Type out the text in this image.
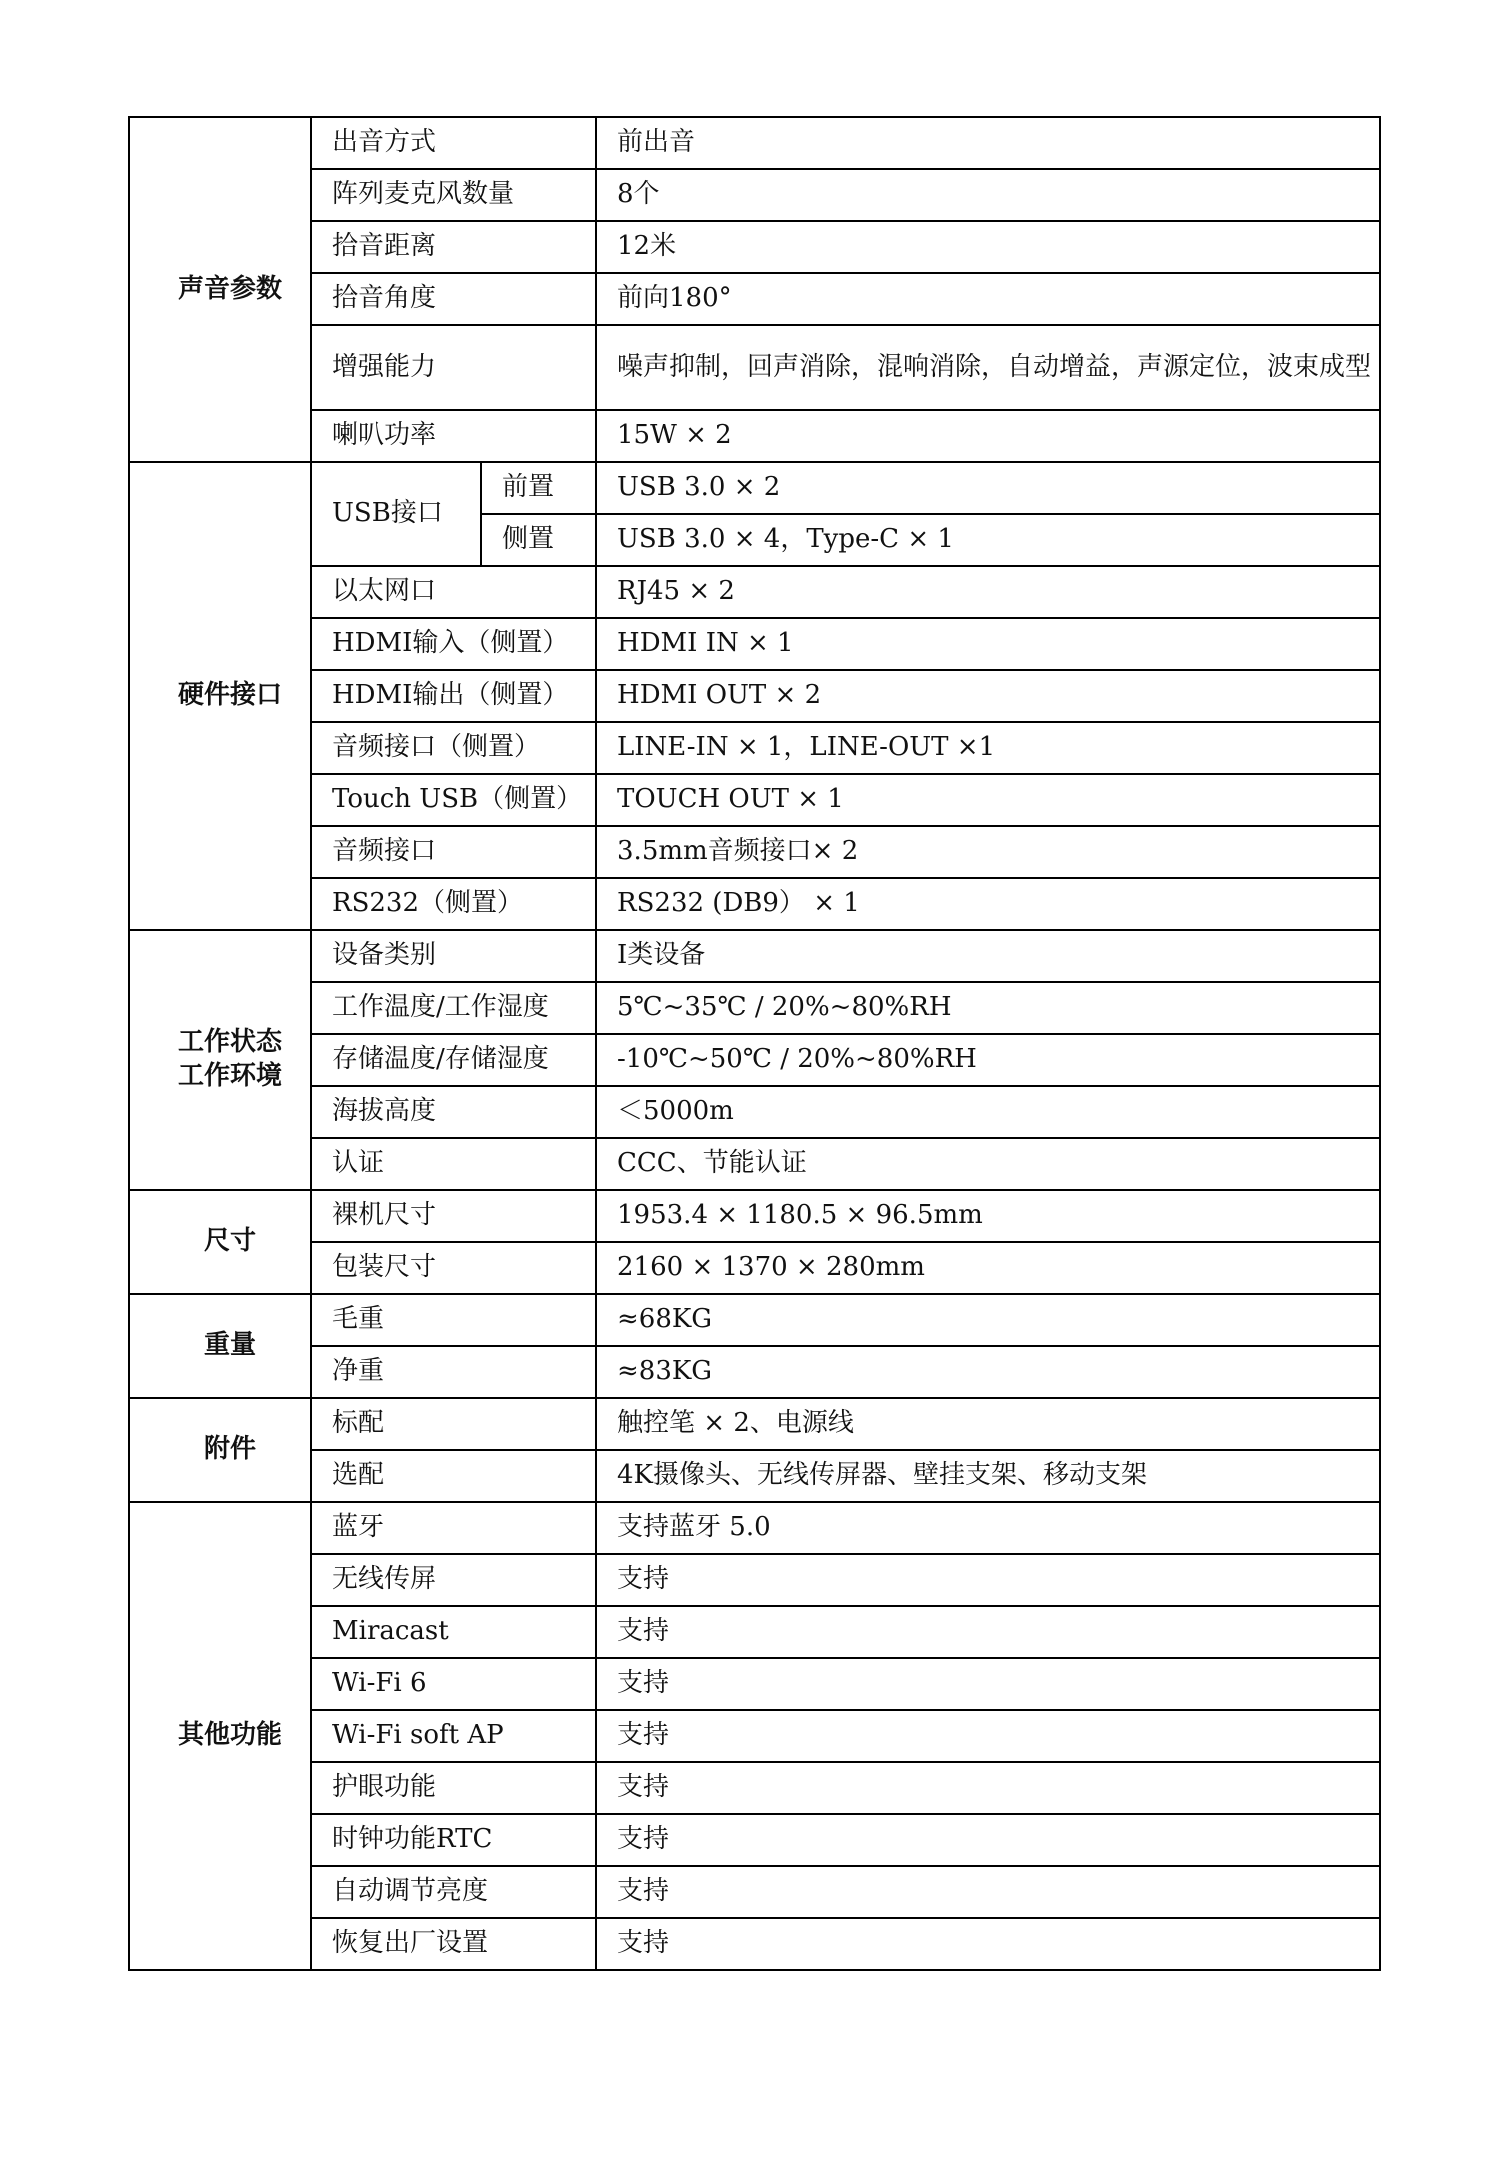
声音参数	出音方式		前出音
	阵列麦克风数量		8个
	拾音距离		12米
	拾音角度		前向180°
	增强能力		噪声抑制，回声消除，混响消除，自动增益，声源定位，波束成型
	喇叭功率		15W × 2

硬件接口	USB接口	前置	USB 3.0 × 2
		侧置	USB 3.0 × 4，Type-C × 1
	以太网口		RJ45 × 2
	HDMI输入（侧置）		HDMI IN × 1
	HDMI输出（侧置）		HDMI OUT × 2
	音频接口（侧置）		LINE-IN × 1，LINE-OUT ×1
	Touch USB（侧置）		TOUCH OUT × 1
	音频接口		3.5mm音频接口× 2
	RS232（侧置）		RS232 (DB9） × 1

工作状态
工作环境	设备类别		I类设备
	工作温度/工作湿度		5℃~35℃ / 20%~80%RH
	存储温度/存储湿度		-10℃~50℃ / 20%~80%RH
	海拔高度		＜5000m
	认证		CCC、节能认证

尺寸	裸机尺寸		1953.4 × 1180.5 × 96.5mm
	包装尺寸		2160 × 1370 × 280mm

重量	毛重		≈68KG
	净重		≈83KG

附件	标配		触控笔 × 2、电源线
	选配		4K摄像头、无线传屏器、壁挂支架、移动支架

其他功能	蓝牙		支持蓝牙 5.0
	无线传屏		支持
	Miracast		支持
	Wi-Fi 6		支持
	Wi-Fi soft AP		支持
	护眼功能		支持
	时钟功能RTC		支持
	自动调节亮度		支持
	恢复出厂设置		支持
